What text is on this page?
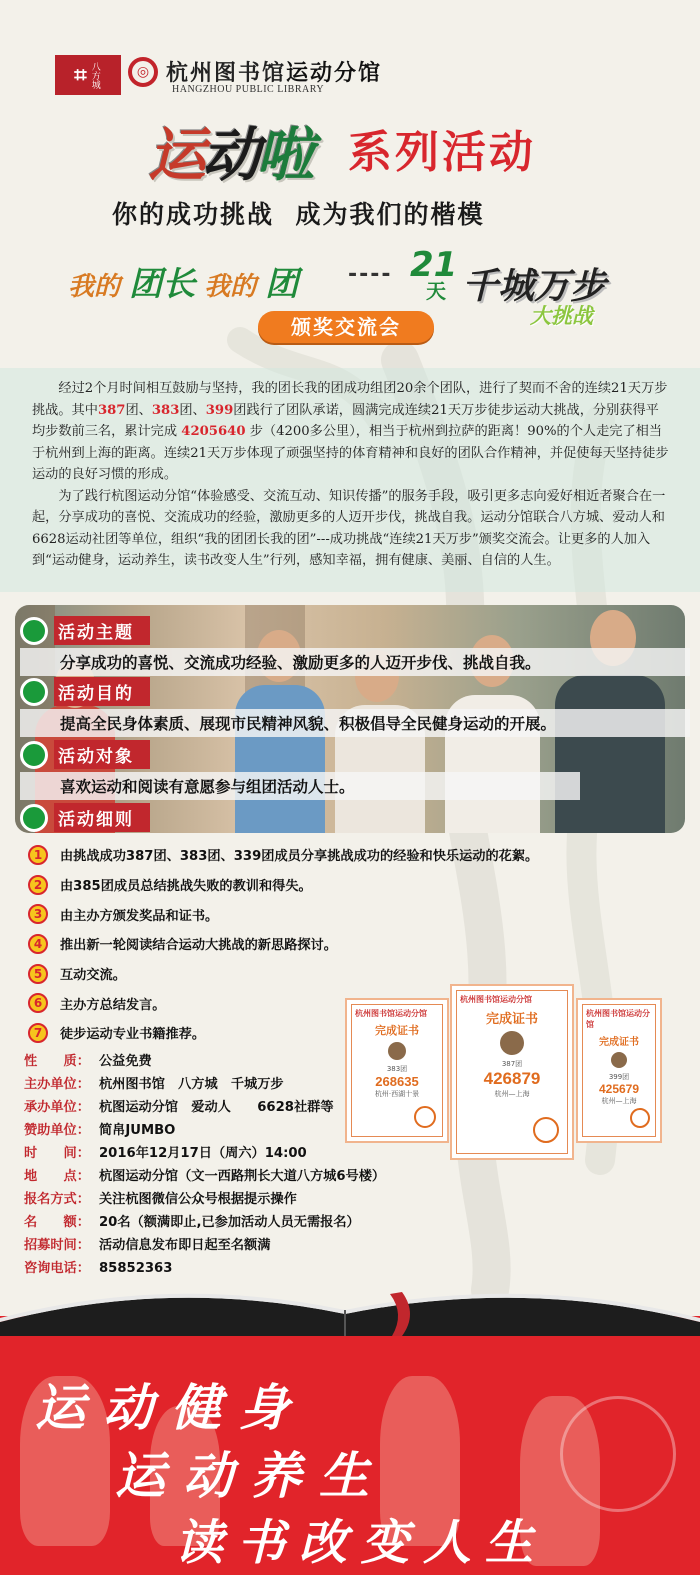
⌗ 八方城	◎ 杭州图书馆运动分馆
HANGZHOU PUBLIC LIBRARY
运动啦 系列活动
你的成功挑战 成为我们的楷模
我的 团长 我的 团 ---- 21
天 千城万步
大挑战
颁奖交流会

经过2个月时间相互鼓励与坚持，我的团长我的团成功组团20余个团队，进行了契而不舍的连续21天万步挑战。其中387团、383团、399团践行了团队承诺，圆满完成连续21天万步徒步运动大挑战，分别获得平均步数前三名，累计完成 4205640 步（4200多公里），相当于杭州到拉萨的距离！90%的个人走完了相当于杭州到上海的距离。连续21天万步体现了顽强坚持的体育精神和良好的团队合作精神，并促使每天坚持徒步运动的良好习惯的形成。

为了践行杭图运动分馆“体验感受、交流互动、知识传播”的服务手段，吸引更多志向爱好相近者聚合在一起，分享成功的喜悦、交流成功的经验，激励更多的人迈开步伐，挑战自我。运动分馆联合八方城、爱动人和6628运动社团等单位，组织“我的团团长我的团”---成功挑战“连续21天万步”颁奖交流会。让更多的人加入到“运动健身，运动养生，读书改变人生”行列，感知幸福，拥有健康、美丽、自信的人生。

活动主题
分享成功的喜悦、交流成功经验、激励更多的人迈开步伐、挑战自我。
活动目的
提高全民身体素质、展现市民精神风貌、积极倡导全民健身运动的开展。
活动对象
喜欢运动和阅读有意愿参与组团活动人士。
活动细则
1	由挑战成功387团、383团、339团成员分享挑战成功的经验和快乐运动的花絮。
2	由385团成员总结挑战失败的教训和得失。
3	由主办方颁发奖品和证书。
4	推出新一轮阅读结合运动大挑战的新思路探讨。
5	互动交流。
6	主办方总结发言。
7	徒步运动专业书籍推荐。
性　　质： 公益免费
主办单位： 杭州图书馆　八方城　千城万步
承办单位： 杭图运动分馆　爱动人　　6628社群等
赞助单位： 简帛JUMBO
时　　间： 2016年12月17日（周六）14:00
地　　点： 杭图运动分馆（文一西路荆长大道八方城6号楼）
报名方式： 关注杭图微信公众号根据提示操作
名　　额： 20名（额满即止,已参加活动人员无需报名）
招募时间： 活动信息发布即日起至名额满
咨询电话： 85852363
杭州图书馆运动分馆
完成证书
383团
268635
杭州·西湖十景
杭州图书馆运动分馆
完成证书
387团
426879
杭州—上海
杭州图书馆运动分馆
完成证书
399团
425679
杭州—上海
运动健身
运动养生
读书改变人生
